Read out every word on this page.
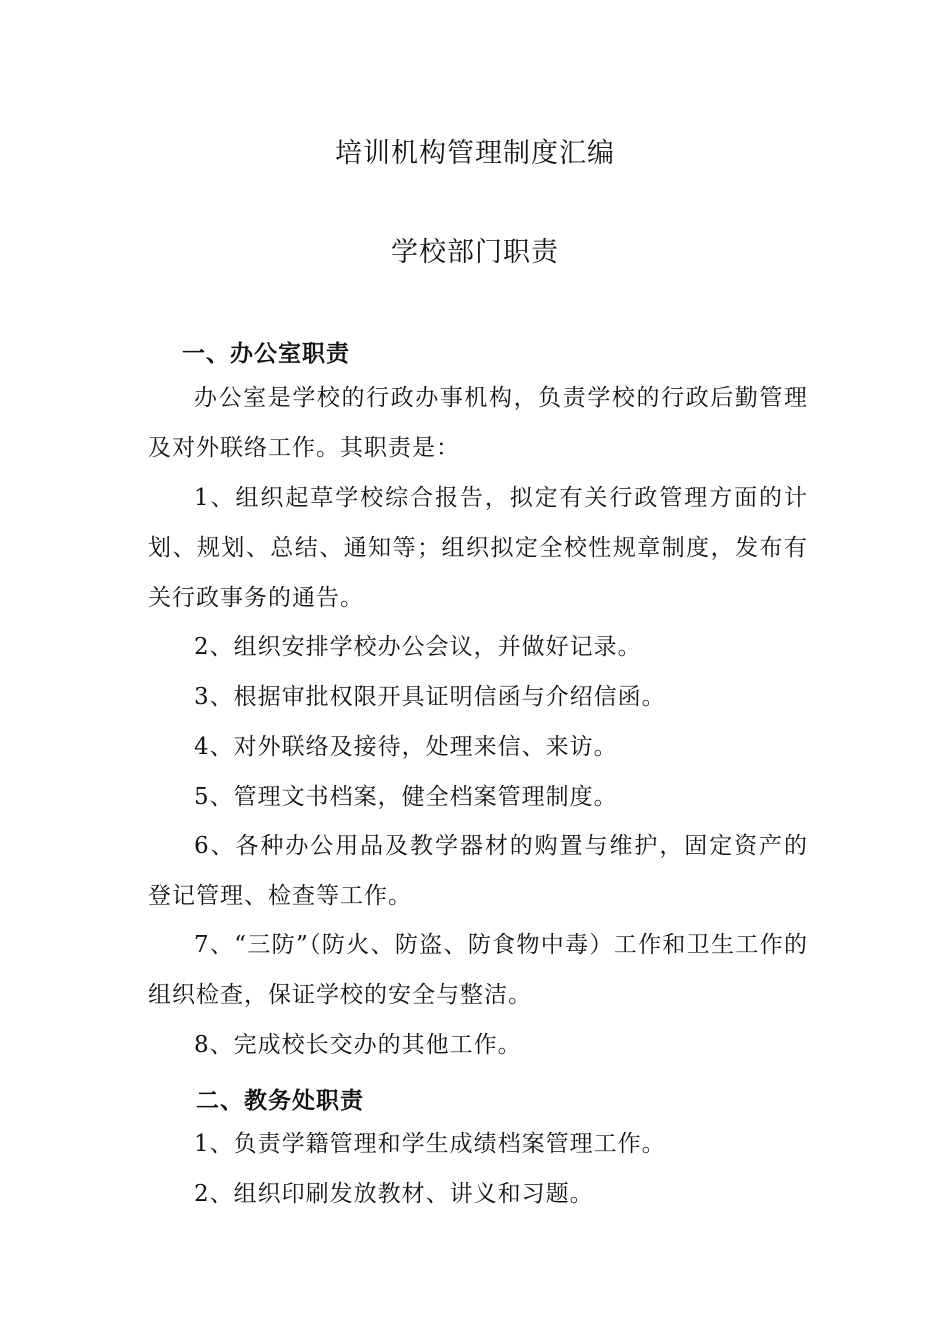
培训机构管理制度汇编
学校部门职责
一、办公室职责
办公室是学校的行政办事机构，负责学校的行政后勤管理及对外联络工作。其职责是：
1、组织起草学校综合报告，拟定有关行政管理方面的计划、规划、总结、通知等；组织拟定全校性规章制度，发布有关行政事务的通告。
2、组织安排学校办公会议，并做好记录。
3、根据审批权限开具证明信函与介绍信函。
4、对外联络及接待，处理来信、来访。
5、管理文书档案，健全档案管理制度。
6、各种办公用品及教学器材的购置与维护，固定资产的登记管理、检查等工作。
7、“三防”（防火、防盗、防食物中毒）工作和卫生工作的组织检查，保证学校的安全与整洁。
8、完成校长交办的其他工作。
二、教务处职责
1、负责学籍管理和学生成绩档案管理工作。
2、组织印刷发放教材、讲义和习题。
